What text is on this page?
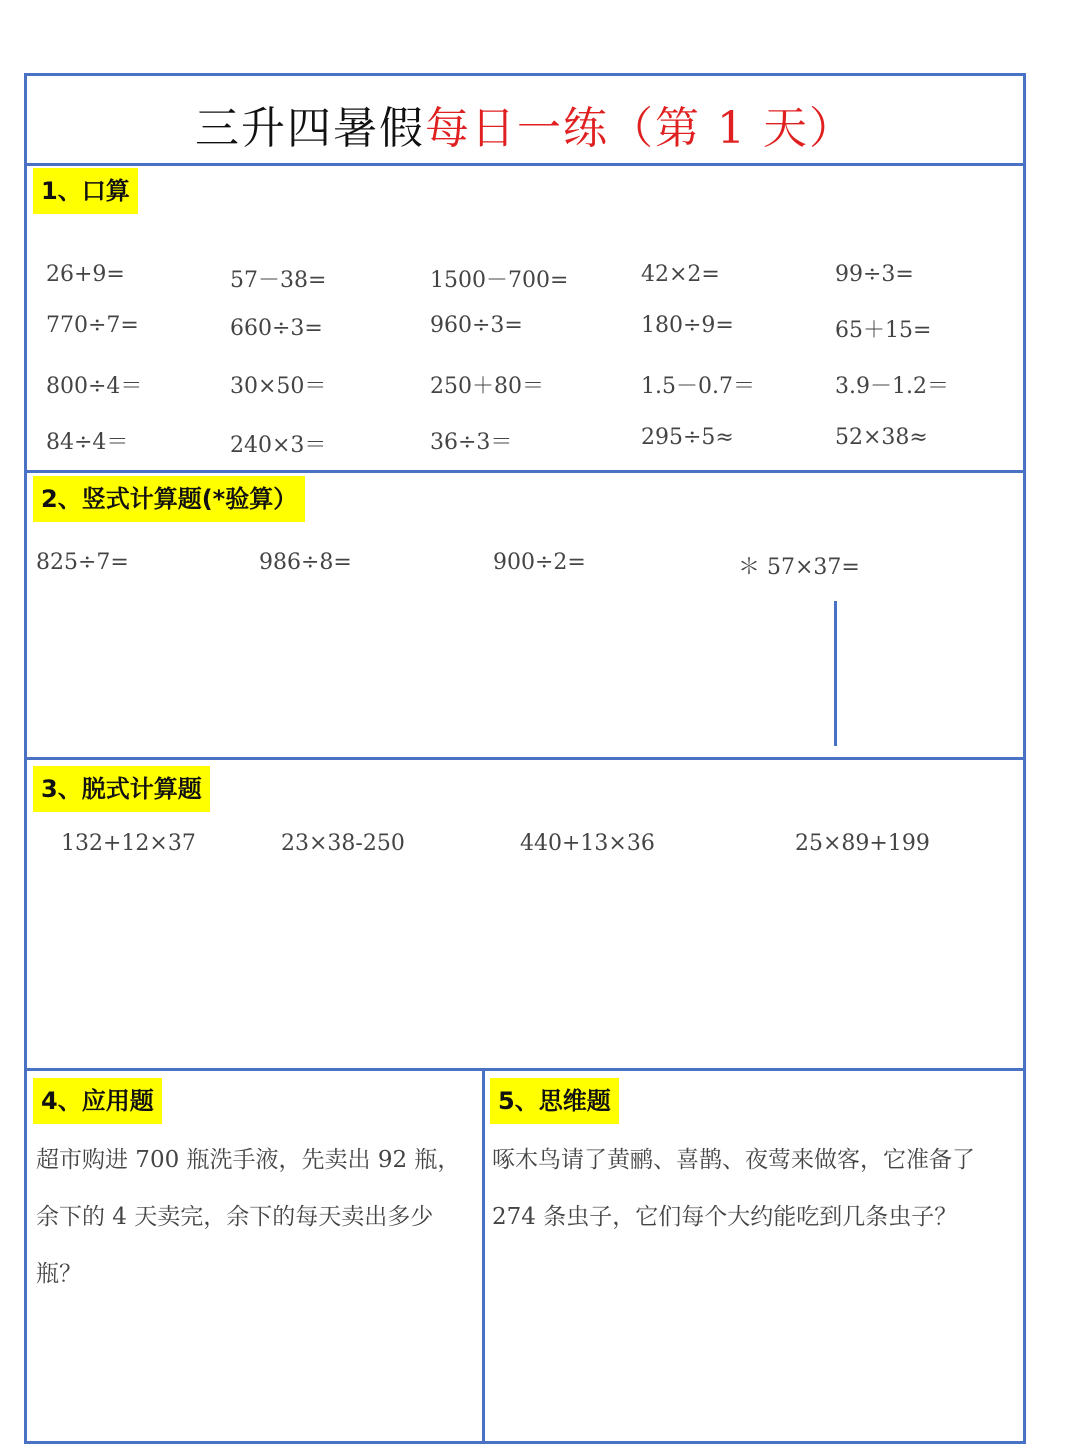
三升四暑假每日一练（第 1 天）
1、口算
26+9=	57－38=	1500－700=	42×2=	99÷3=
770÷7=	660÷3=	960÷3=	180÷9=	65＋15=
800÷4＝	30×50＝	250＋80＝	1.5－0.7＝	3.9－1.2＝
84÷4＝	240×3＝	36÷3＝	295÷5≈	52×38≈
2、竖式计算题(*验算）
825÷7=	986÷8=	900÷2=	＊ 57×37=
3、脱式计算题
132+12×37	23×38-250	440+13×36	25×89+199
4、应用题
超市购进 700 瓶洗手液，先卖出 92 瓶，
余下的 4 天卖完，余下的每天卖出多少
瓶？
5、思维题
啄木鸟请了黄鹂、喜鹊、夜莺来做客，它准备了
274 条虫子，它们每个大约能吃到几条虫子？
